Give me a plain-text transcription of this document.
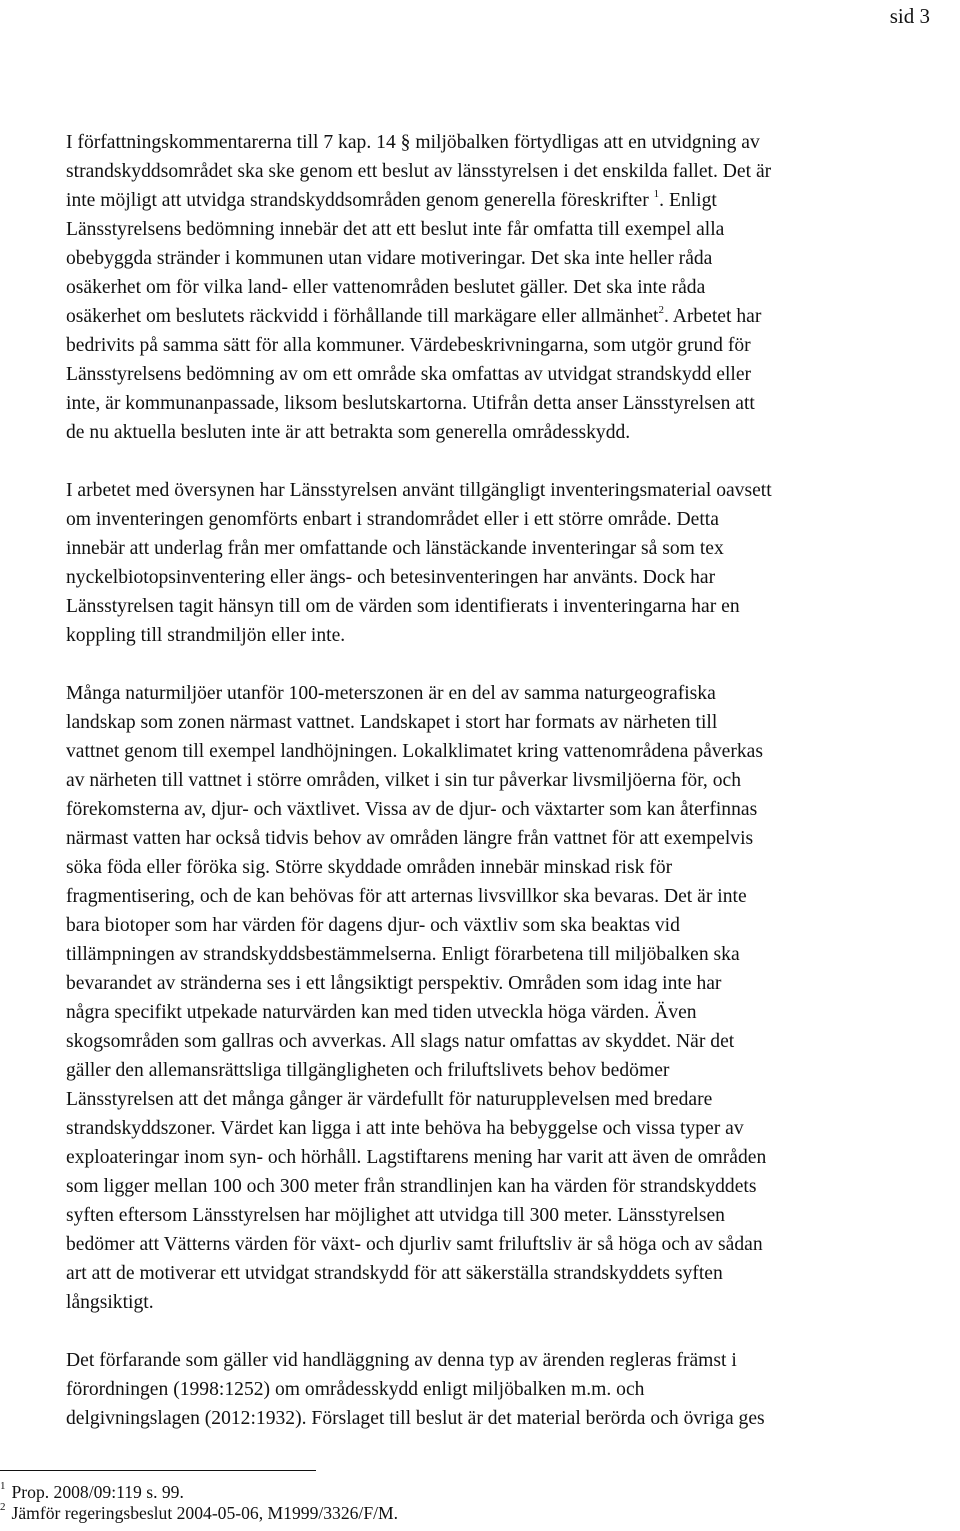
sid 3

I författningskommentarerna till 7 kap. 14 § miljöbalken förtydligas att en utvidgning av
strandskyddsområdet ska ske genom ett beslut av länsstyrelsen i det enskilda fallet. Det är
inte möjligt att utvidga strandskyddsområden genom generella föreskrifter $^1$. Enligt
Länsstyrelsens bedömning innebär det att ett beslut inte får omfatta till exempel alla
obebyggda stränder i kommunen utan vidare motiveringar. Det ska inte heller råda
osäkerhet om för vilka land- eller vattenområden beslutet gäller. Det ska inte råda
osäkerhet om beslutets räckvidd i förhållande till markägare eller allmänhet$^2$. Arbetet har
bedrivits på samma sätt för alla kommuner. Värdebeskrivningarna, som utgör grund för
Länsstyrelsens bedömning av om ett område ska omfattas av utvidgat strandskydd eller
inte, är kommunanpassade, liksom beslutskartorna. Utifrån detta anser Länsstyrelsen att
de nu aktuella besluten inte är att betrakta som generella områdesskydd.

I arbetet med översynen har Länsstyrelsen använt tillgängligt inventeringsmaterial oavsett
om inventeringen genomförts enbart i strandområdet eller i ett större område. Detta
innebär att underlag från mer omfattande och länstäckande inventeringar så som tex
nyckelbiotopsinventering eller ängs- och betesinventeringen har använts. Dock har
Länsstyrelsen tagit hänsyn till om de värden som identifierats i inventeringarna har en
koppling till strandmiljön eller inte.

Många naturmiljöer utanför 100-meterszonen är en del av samma naturgeografiska
landskap som zonen närmast vattnet. Landskapet i stort har formats av närheten till
vattnet genom till exempel landhöjningen. Lokalklimatet kring vattenområdena påverkas
av närheten till vattnet i större områden, vilket i sin tur påverkar livsmiljöerna för, och
förekomsterna av, djur- och växtlivet. Vissa av de djur- och växtarter som kan återfinnas
närmast vatten har också tidvis behov av områden längre från vattnet för att exempelvis
söka föda eller föröka sig. Större skyddade områden innebär minskad risk för
fragmentisering, och de kan behövas för att arternas livsvillkor ska bevaras. Det är inte
bara biotoper som har värden för dagens djur- och växtliv som ska beaktas vid
tillämpningen av strandskyddsbestämmelserna. Enligt förarbetena till miljöbalken ska
bevarandet av stränderna ses i ett långsiktigt perspektiv. Områden som idag inte har
några specifikt utpekade naturvärden kan med tiden utveckla höga värden. Även
skogsområden som gallras och avverkas. All slags natur omfattas av skyddet. När det
gäller den allemansrättsliga tillgängligheten och friluftslivets behov bedömer
Länsstyrelsen att det många gånger är värdefullt för naturupplevelsen med bredare
strandskyddszoner. Värdet kan ligga i att inte behöva ha bebyggelse och vissa typer av
exploateringar inom syn- och hörhåll. Lagstiftarens mening har varit att även de områden
som ligger mellan 100 och 300 meter från strandlinjen kan ha värden för strandskyddets
syften eftersom Länsstyrelsen har möjlighet att utvidga till 300 meter. Länsstyrelsen
bedömer att Vätterns värden för växt- och djurliv samt friluftsliv är så höga och av sådan
art att de motiverar ett utvidgat strandskydd för att säkerställa strandskyddets syften
långsiktigt.

Det förfarande som gäller vid handläggning av denna typ av ärenden regleras främst i
förordningen (1998:1252) om områdesskydd enligt miljöbalken m.m. och
delgivningslagen (2012:1932). Förslaget till beslut är det material berörda och övriga ges

$^1$ Prop. 2008/09:119 s. 99.
$^2$ Jämför regeringsbeslut 2004-05-06, M1999/3326/F/M.
